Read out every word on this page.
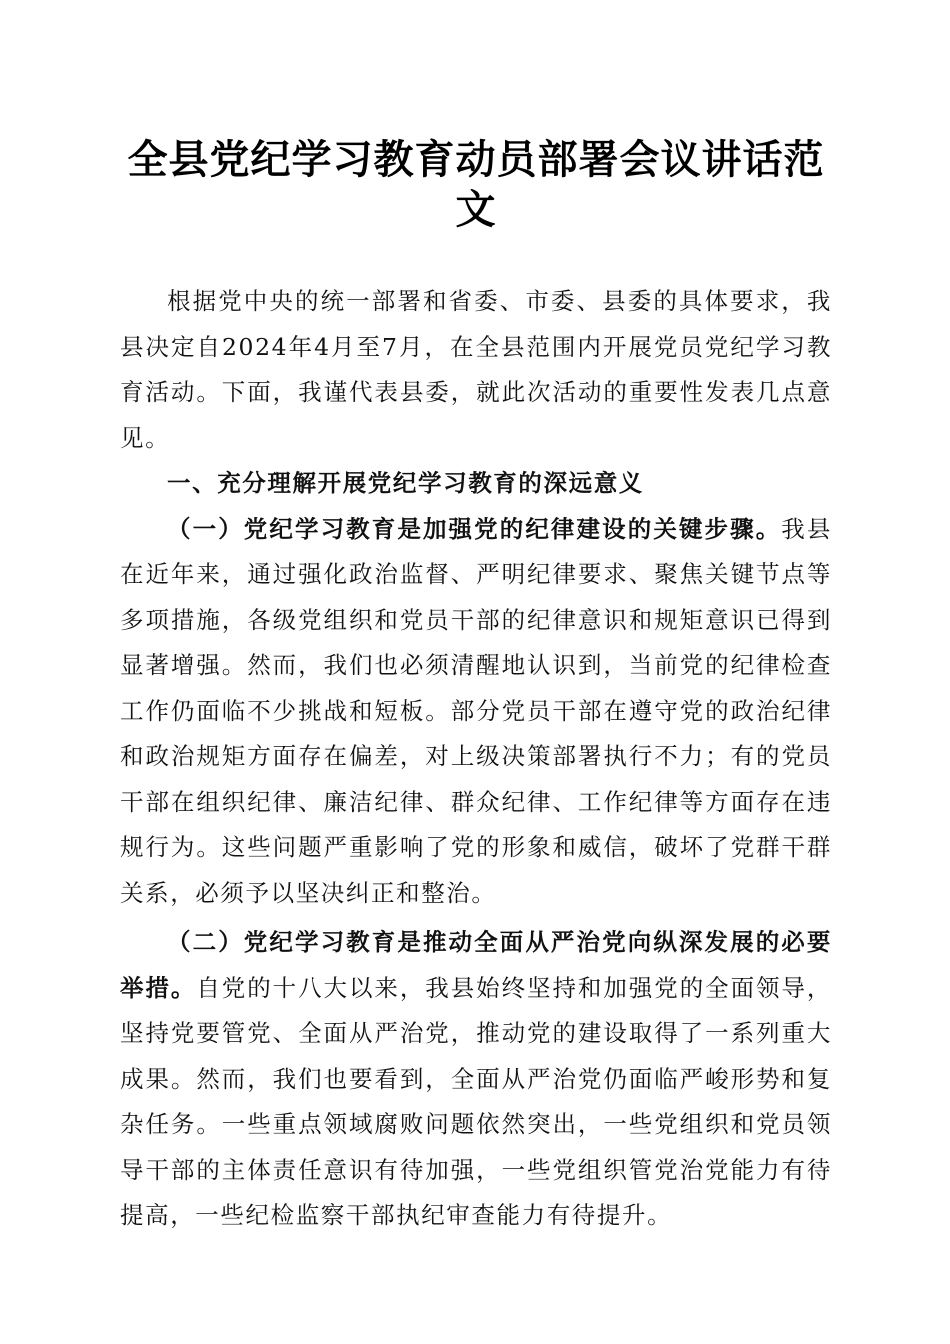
全县党纪学习教育动员部署会议讲话范文

根据党中央的统一部署和省委、市委、县委的具体要求，我县决定自2024年4月至7月，在全县范围内开展党员党纪学习教育活动。下面，我谨代表县委，就此次活动的重要性发表几点意见。

一、充分理解开展党纪学习教育的深远意义

（一）党纪学习教育是加强党的纪律建设的关键步骤。我县在近年来，通过强化政治监督、严明纪律要求、聚焦关键节点等多项措施，各级党组织和党员干部的纪律意识和规矩意识已得到显著增强。然而，我们也必须清醒地认识到，当前党的纪律检查工作仍面临不少挑战和短板。部分党员干部在遵守党的政治纪律和政治规矩方面存在偏差，对上级决策部署执行不力；有的党员干部在组织纪律、廉洁纪律、群众纪律、工作纪律等方面存在违规行为。这些问题严重影响了党的形象和威信，破坏了党群干群关系，必须予以坚决纠正和整治。

（二）党纪学习教育是推动全面从严治党向纵深发展的必要举措。自党的十八大以来，我县始终坚持和加强党的全面领导，坚持党要管党、全面从严治党，推动党的建设取得了一系列重大成果。然而，我们也要看到，全面从严治党仍面临严峻形势和复杂任务。一些重点领域腐败问题依然突出，一些党组织和党员领导干部的主体责任意识有待加强，一些党组织管党治党能力有待提高，一些纪检监察干部执纪审查能力有待提升。
